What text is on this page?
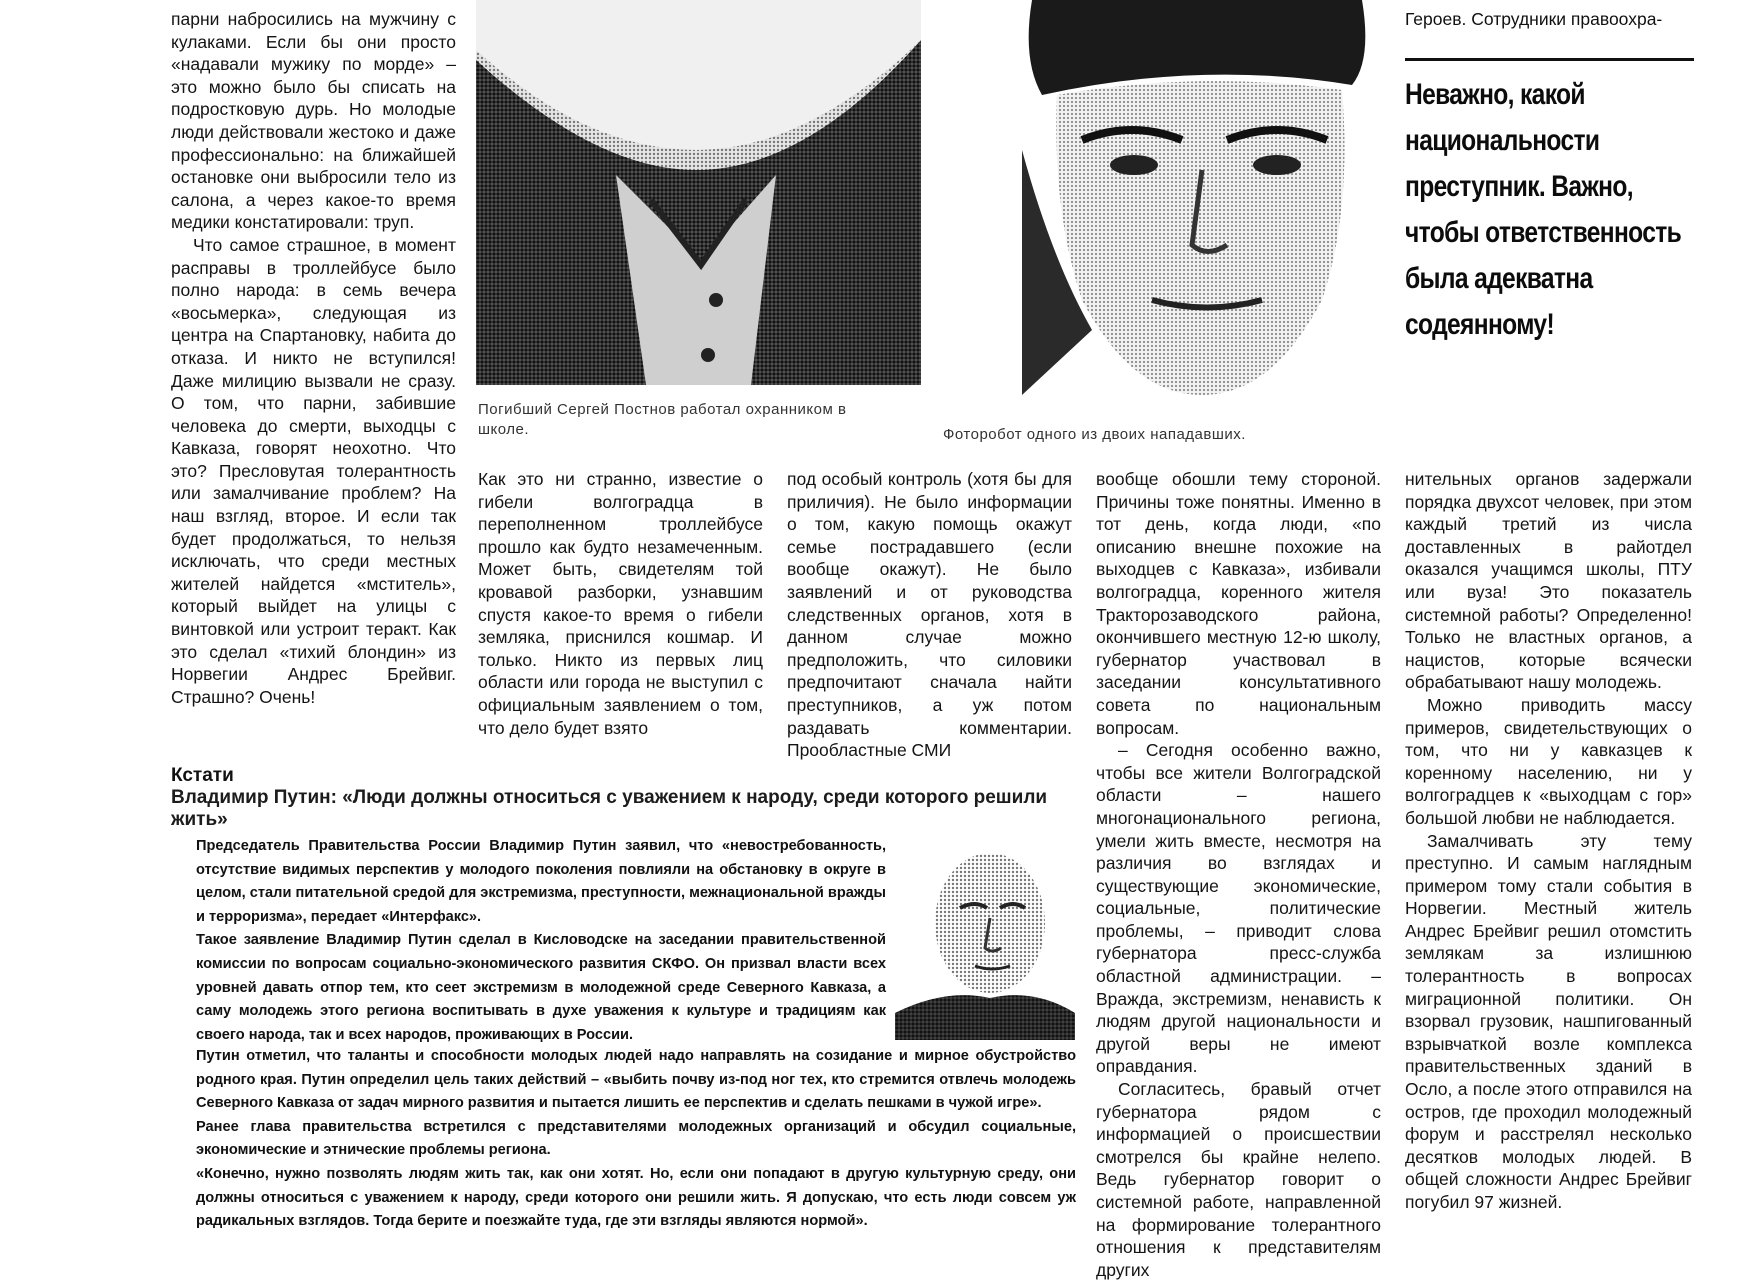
парни набросились на мужчину с кулаками. Если бы они просто «надавали мужику по морде» – это можно было бы списать на подростковую дурь. Но молодые люди действовали жестоко и даже профессионально: на ближайшей остановке они выбросили тело из салона, а через какое-то время медики констатировали: труп.

Что самое страшное, в момент расправы в троллейбусе было полно народа: в семь вечера «восьмерка», следующая из центра на Спартановку, набита до отказа. И никто не вступился! Даже милицию вызвали не сразу. О том, что парни, забившие человека до смерти, выходцы с Кавказа, говорят неохотно. Что это? Пресловутая толерантность или замалчивание проблем? На наш взгляд, второе. И если так будет продолжаться, то нельзя исключать, что среди местных жителей найдется «мститель», который выйдет на улицы с винтовкой или устроит теракт. Как это сделал «тихий блондин» из Норвегии Андрес Брейвиг. Страшно? Очень!

Погибший Сергей Постнов работал охранником в школе.	Фоторобот одного из двоих нападавших.

Как это ни странно, известие о гибели волгоградца в переполненном троллейбусе прошло как будто незамеченным. Может быть, свидетелям той кровавой разборки, узнавшим спустя какое-то время о гибели земляка, приснился кошмар. И только. Никто из первых лиц области или города не выступил с официальным заявлением о том, что дело будет взято

под особый контроль (хотя бы для приличия). Не было информации о том, какую помощь окажут семье пострадавшего (если вообще окажут). Не было заявлений и от руководства следственных органов, хотя в данном случае можно предположить, что силовики предпочитают сначала найти преступников, а уж потом раздавать комментарии. Прооблаcтные СМИ

вообще обошли тему стороной. Причины тоже понятны. Именно в тот день, когда люди, «по описанию внешне похожие на выходцев с Кавказа», избивали волгоградца, коренного жителя Тракторозаводского района, окончившего местную 12-ю школу, губернатор участвовал в заседании консультативного совета по национальным вопросам.

– Сегодня особенно важно, чтобы все жители Волгоградской области – нашего многонационального региона, умели жить вместе, несмотря на различия во взглядах и существующие экономические, социальные, политические проблемы, – приводит слова губернатора пресс-служба областной администрации. – Вражда, экстремизм, ненависть к людям другой национальности и другой веры не имеют оправдания.

Согласитесь, бравый отчет губернатора рядом с информацией о происшествии смотрелся бы крайне нелепо. Ведь губернатор говорит о системной работе, направленной на формирование толерантного отношения к представителям других

Героев. Сотрудники правоохра-
Неважно, какой
национальности
преступник. Важно,
чтобы ответственность
была адекватна
содеянному!

нительных органов задержали порядка двухсот человек, при этом каждый третий из числа доставленных в райотдел оказался учащимся школы, ПТУ или вуза! Это показатель системной работы? Определенно! Только не властных органов, а нацистов, которые всячески обрабатывают нашу молодежь.

Можно приводить массу примеров, свидетельствующих о том, что ни у кавказцев к коренному населению, ни у волгоградцев к «выходцам с гор» большой любви не наблюдается.

Замалчивать эту тему преступно. И самым наглядным примером тому стали события в Норвегии. Местный житель Андрес Брейвиг решил отомстить землякам за излишнюю толерантность в вопросах миграционной политики. Он взорвал грузовик, нашпигованный взрывчаткой возле комплекса правительственных зданий в Осло, а после этого отправился на остров, где проходил молодежный форум и расстрелял несколько десятков молодых людей. В общей сложности Андрес Брейвиг погубил 97 жизней.

Кстати
Владимир Путин: «Люди должны относиться с уважением к народу, среди которого решили жить»

Председатель Правительства России Владимир Путин заявил, что «невостребованность, отсутствие видимых перспектив у молодого поколения повлияли на обстановку в округе в целом, стали питательной средой для экстремизма, преступности, межнациональной вражды и терроризма», передает «Интерфакс».

Такое заявление Владимир Путин сделал в Кисловодске на заседании правительственной комиссии по вопросам социально-экономического развития СКФО. Он призвал власти всех уровней давать отпор тем, кто сеет экстремизм в молодежной среде Северного Кавказа, а саму молодежь этого региона воспитывать в духе уважения к культуре и традициям как своего народа, так и всех народов, проживающих в России.

Путин отметил, что таланты и способности молодых людей надо направлять на созидание и мирное обустройство родного края. Путин определил цель таких действий – «выбить почву из-под ног тех, кто стремится отвлечь молодежь Северного Кавказа от задач мирного развития и пытается лишить ее перспектив и сделать пешками в чужой игре».

Ранее глава правительства встретился с представителями молодежных организаций и обсудил социальные, экономические и этнические проблемы региона.

«Конечно, нужно позволять людям жить так, как они хотят. Но, если они попадают в другую культурную среду, они должны относиться с уважением к народу, среди которого они решили жить. Я допускаю, что есть люди совсем уж радикальных взглядов. Тогда берите и поезжайте туда, где эти взгляды являются нормой».
